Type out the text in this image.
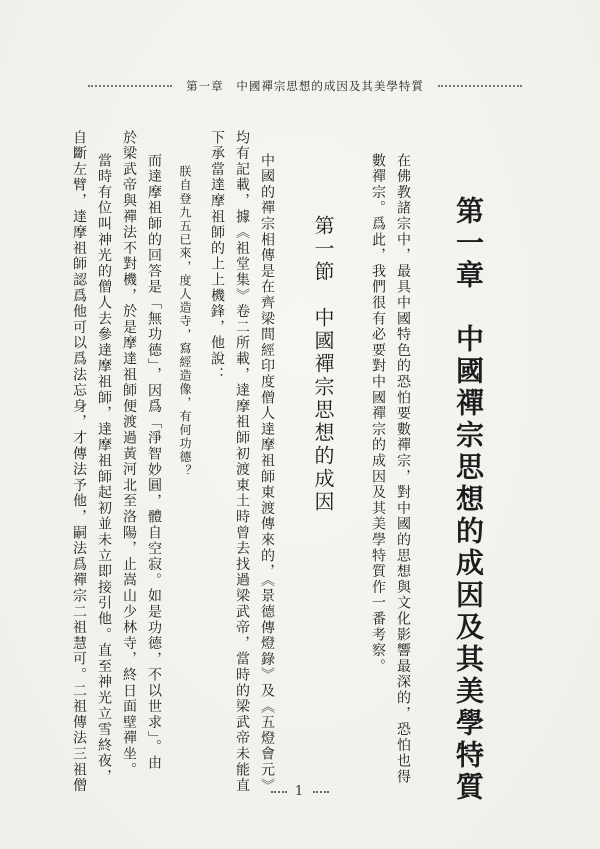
第一章 中國禪宗思想的成因及其美學特質
第一章　中國禪宗思想的成因及其美學特質
在佛教諸宗中，最具中國特色的恐怕要數禪宗，對中國的思想與文化影響最深的，恐怕也得
數禪宗。爲此，我們很有必要對中國禪宗的成因及其美學特質作一番考察。
第一節　中國禪宗思想的成因
中國的禪宗相傳是在齊梁間經印度僧人達摩祖師東渡傳來的，《景德傳燈錄》及《五燈會元》
均有記載，據《祖堂集》卷二所載，達摩祖師初渡東土時曾去找過梁武帝，當時的梁武帝未能直
下承當達摩祖師的上上機鋒，他說：
朕自登九五已來，度人造寺，寫經造像，有何功德？
而達摩祖師的回答是「無功德」，因爲「淨智妙圓，體自空寂。如是功德，不以世求」。由
於梁武帝與禪法不對機，於是摩達祖師便渡過黃河北至洛陽，止嵩山少林寺，終日面壁禪坐。
當時有位叫神光的僧人去參達摩祖師，達摩祖師起初並未立即接引他。直至神光立雪終夜，
自斷左臂，達摩祖師認爲他可以爲法忘身，才傳法予他，嗣法爲禪宗二祖慧可。二祖傳法三祖僧	1
